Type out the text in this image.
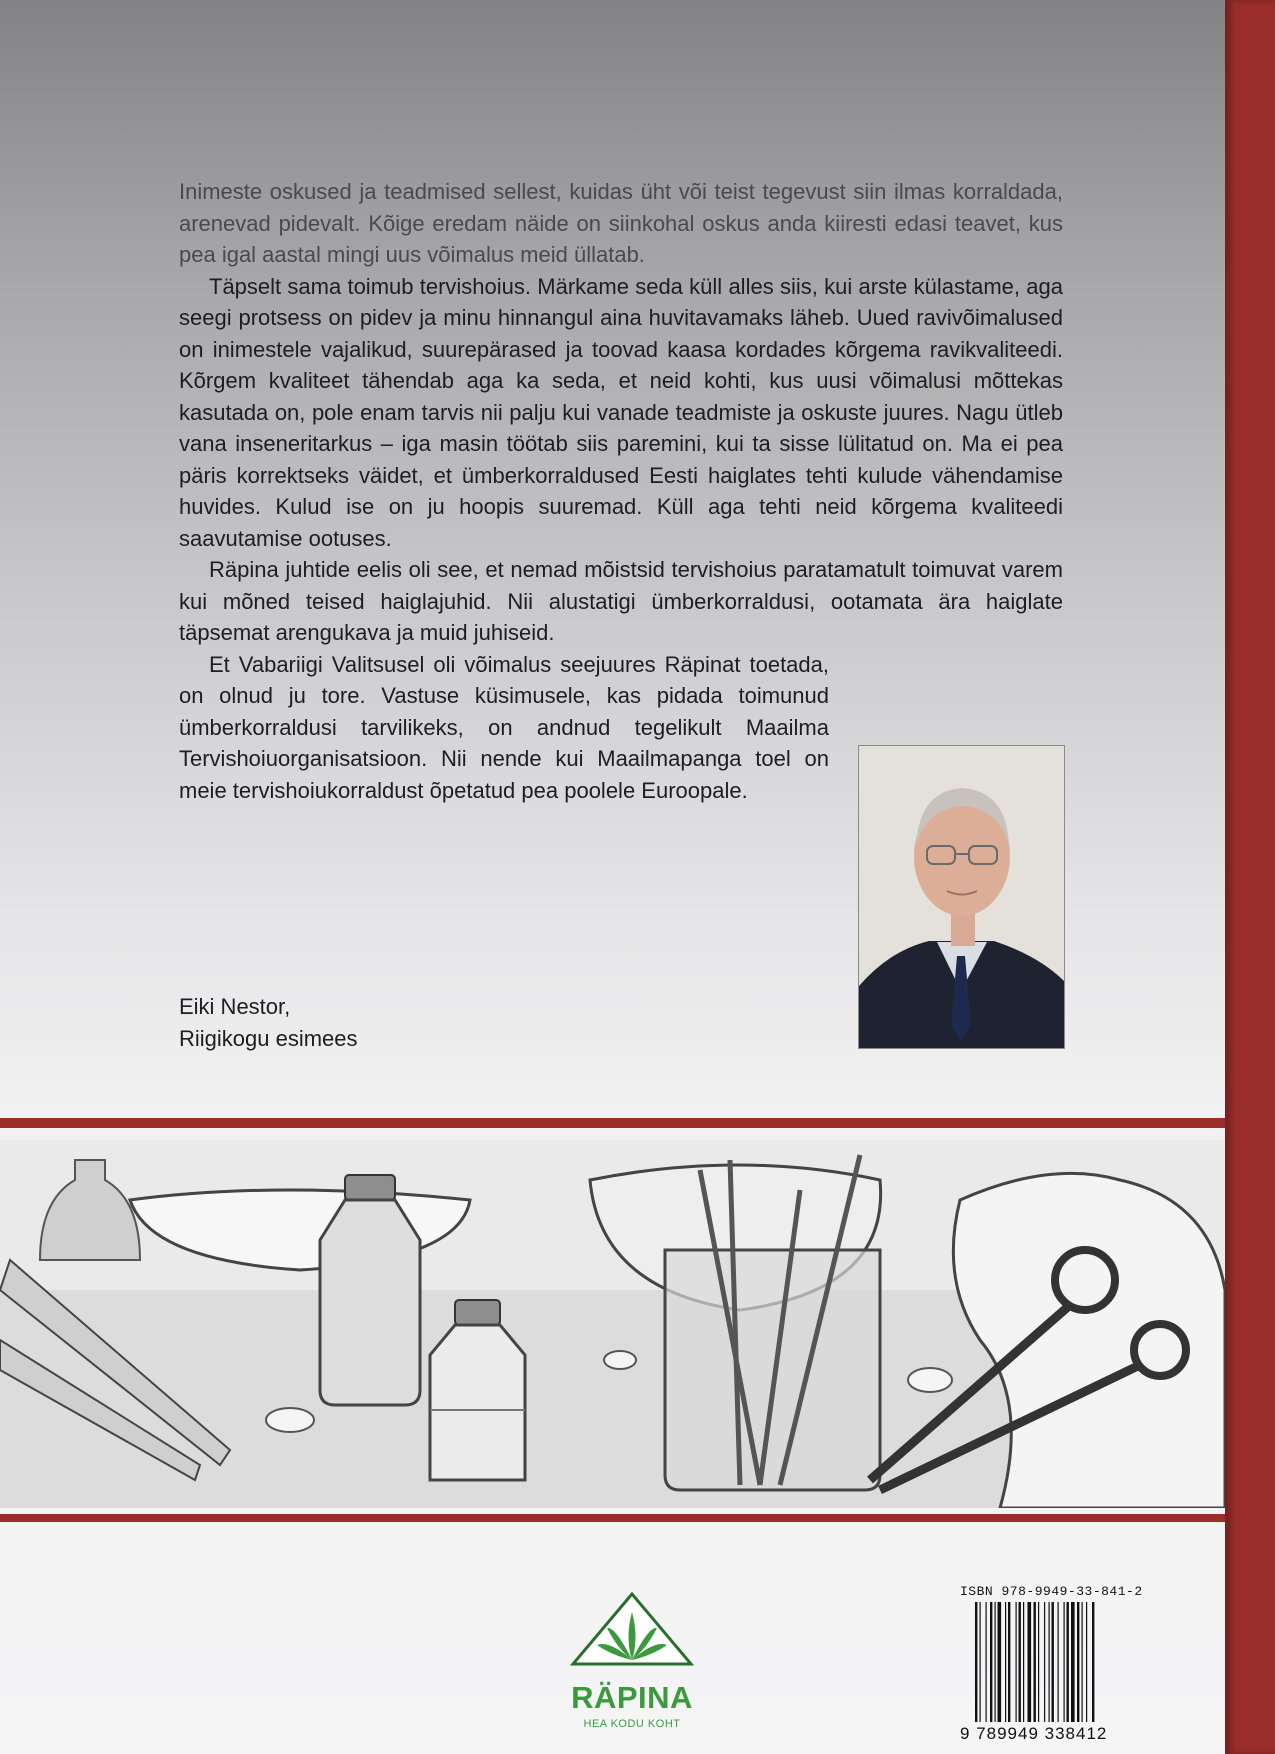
Inimeste oskused ja teadmised sellest, kuidas üht või teist tegevust siin ilmas korraldada, arenevad pidevalt. Kõige eredam näide on siinkohal oskus anda kiiresti edasi teavet, kus pea igal aastal mingi uus võimalus meid üllatab.

Täpselt sama toimub tervishoius. Märkame seda küll alles siis, kui arste külastame, aga seegi protsess on pidev ja minu hinnangul aina huvitavamaks läheb. Uued ravivõimalused on inimestele vajalikud, suurepärased ja toovad kaasa kordades kõrgema ravikvaliteedi. Kõrgem kvaliteet tähendab aga ka seda, et neid kohti, kus uusi võimalusi mõttekas kasutada on, pole enam tarvis nii palju kui vanade teadmiste ja oskuste juures. Nagu ütleb vana inseneritarkus – iga masin töötab siis paremini, kui ta sisse lülitatud on. Ma ei pea päris korrektseks väidet, et ümberkorraldused Eesti haiglates tehti kulude vähendamise huvides. Kulud ise on ju hoopis suuremad. Küll aga tehti neid kõrgema kvaliteedi saavutamise ootuses.

Räpina juhtide eelis oli see, et nemad mõistsid tervishoius paratamatult toimuvat varem kui mõned teised haiglajuhid. Nii alustatigi ümberkorraldusi, ootamata ära haiglate täpsemat arengukava ja muid juhiseid.

Et Vabariigi Valitsusel oli võimalus seejuures Räpinat toetada, on olnud ju tore. Vastuse küsimusele, kas pidada toimunud ümberkorraldusi tarvilikeks, on andnud tegelikult Maailma Tervishoiuorganisatsioon. Nii nende kui Maailmapanga toel on meie tervishoiukorraldust õpetatud pea poolele Euroopale.

Eiki Nestor,
Riigikogu esimees
RÄPINA
HEA KODU KOHT
ISBN 978-9949-33-841-2
9 789949 338412
